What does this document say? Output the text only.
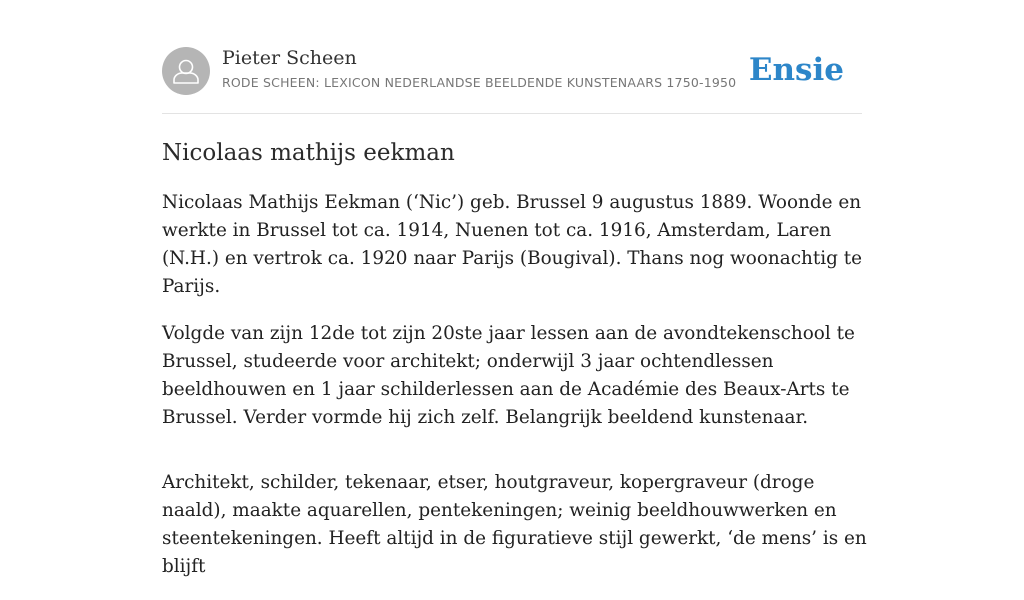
Pieter Scheen
RODE SCHEEN: LEXICON NEDERLANDSE BEELDENDE KUNSTENAARS 1750-1950 Ensie
Nicolaas mathijs eekman

Nicolaas Mathijs Eekman (‘Nic’) geb. Brussel 9 augustus 1889. Woonde en werkte in Brussel tot ca. 1914, Nuenen tot ca. 1916, Amsterdam, Laren (N.H.) en vertrok ca. 1920 naar Parijs (Bougival). Thans nog woonachtig te Parijs.

Volgde van zijn 12de tot zijn 20ste jaar lessen aan de avondtekenschool te Brussel, studeerde voor architekt; onderwijl 3 jaar ochtendlessen beeldhouwen en 1 jaar schilderlessen aan de Académie des Beaux-Arts te Brussel. Verder vormde hij zich zelf. Belangrijk beeldend kunstenaar.

Architekt, schilder, tekenaar, etser, houtgraveur, kopergraveur (droge naald), maakte aquarellen, pentekeningen; weinig beeldhouwwerken en steentekeningen. Heeft altijd in de figuratieve stijl gewerkt, ‘de mens’ is en blijft
